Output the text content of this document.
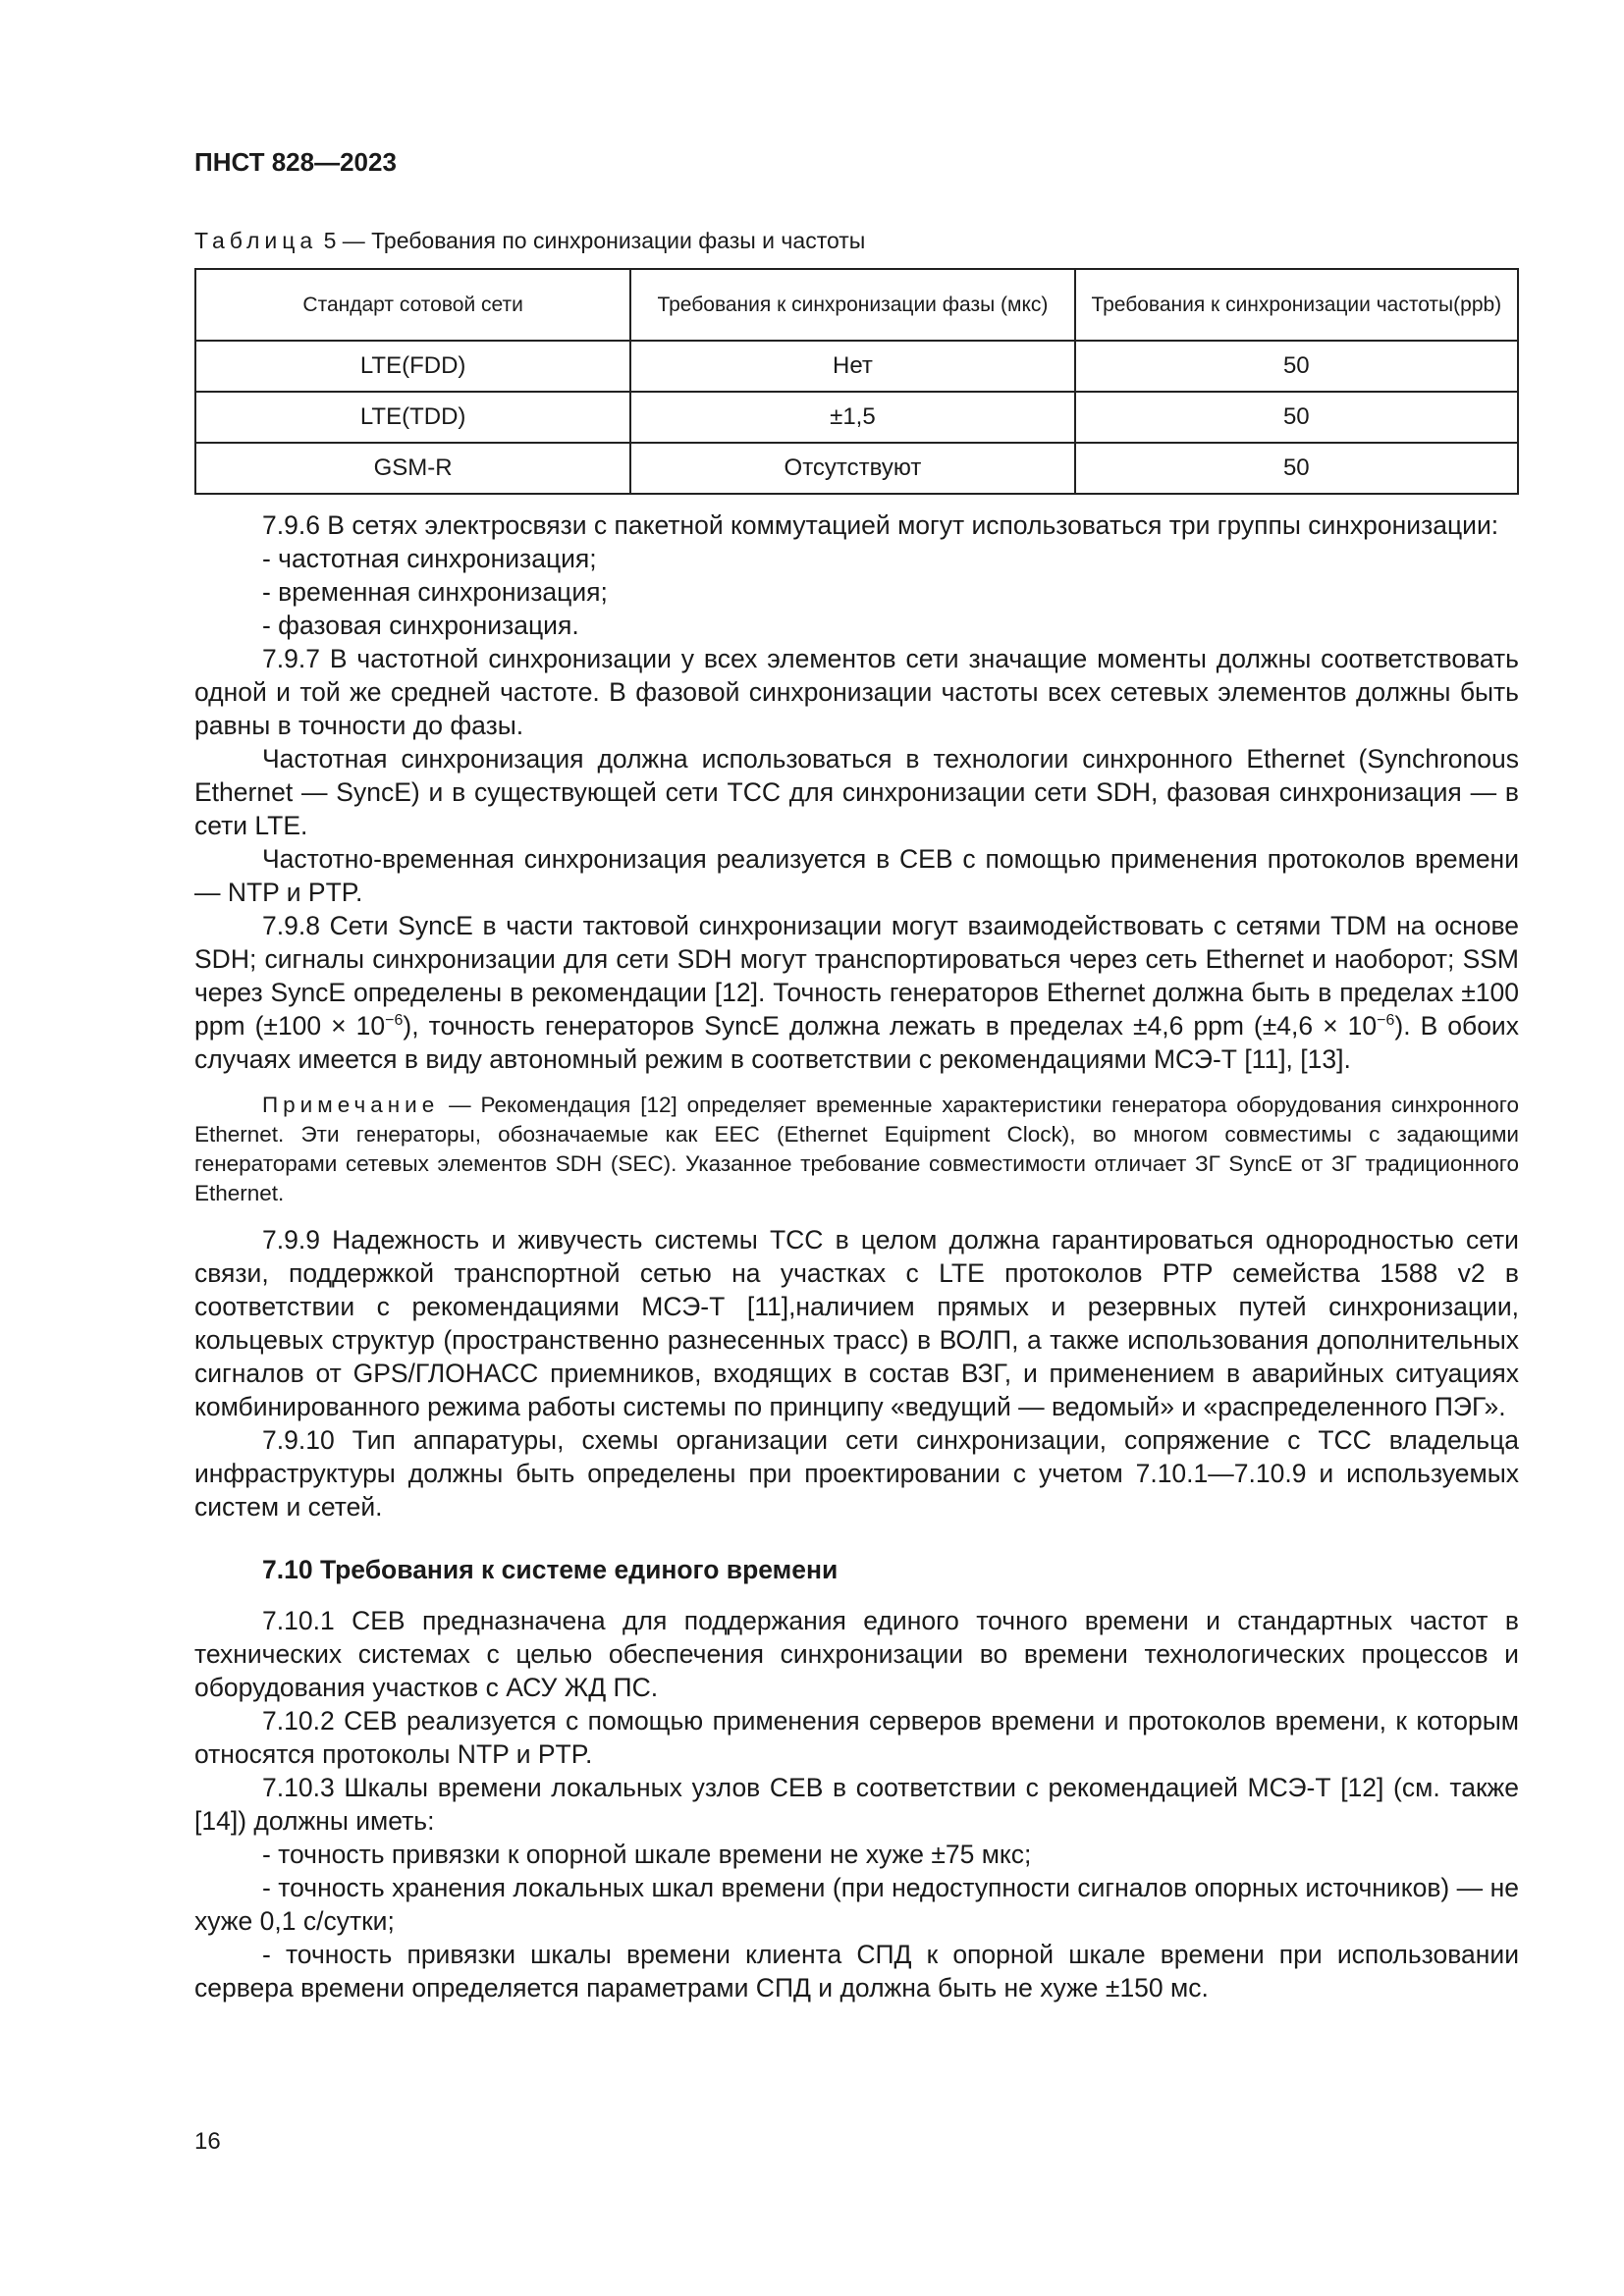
ПНСТ 828—2023
Таблица 5 — Требования по синхронизации фазы и частоты
Стандарт сотовой сети	Требования к синхронизации фазы (мкс)	Требования к синхронизации частоты(ppb)
LTE(FDD)	Нет	50
LTE(TDD)	±1,5	50
GSM-R	Отсутствуют	50

7.9.6 В сетях электросвязи с пакетной коммутацией могут использоваться три группы синхронизации:

- частотная синхронизация;

- временная синхронизация;

- фазовая синхронизация.

7.9.7 В частотной синхронизации у всех элементов сети значащие моменты должны соответствовать одной и той же средней частоте. В фазовой синхронизации частоты всех сетевых элементов должны быть равны в точности до фазы.

Частотная синхронизация должна использоваться в технологии синхронного Ethernet (Synchronous Ethernet — SyncE) и в существующей сети ТСС для синхронизации сети SDH, фазовая синхронизация — в сети LTE.

Частотно-временная синхронизация реализуется в СЕВ с помощью применения протоколов времени — NTP и PTP.

7.9.8 Сети SyncE в части тактовой синхронизации могут взаимодействовать с сетями TDM на основе SDH; сигналы синхронизации для сети SDH могут транспортироваться через сеть Ethernet и наоборот; SSM через SyncE определены в рекомендации [12]. Точность генераторов Ethernet должна быть в пределах ±100 ppm $(\pm 100 \times 10^{-6})$, точность генераторов SyncE должна лежать в пределах ±4,6 ppm $(\pm 4,6 \times 10^{-6})$. В обоих случаях имеется в виду автономный режим в соответствии с рекомендациями МСЭ-Т [11], [13].

Примечание — Рекомендация [12] определяет временные характеристики генератора оборудования синхронного Ethernet. Эти генераторы, обозначаемые как ЕЕС (Ethernet Equipment Clock), во многом совместимы с задающими генераторами сетевых элементов SDH (SEC). Указанное требование совместимости отличает ЗГ SyncE от ЗГ традиционного Ethernet.

7.9.9 Надежность и живучесть системы ТСС в целом должна гарантироваться однородностью сети связи, поддержкой транспортной сетью на участках с LTE протоколов PTP семейства 1588 v2 в соответствии с рекомендациями МСЭ-Т [11],наличием прямых и резервных путей синхронизации, кольцевых структур (пространственно разнесенных трасс) в ВОЛП, а также использования дополнительных сигналов от GPS/ГЛОНАСС приемников, входящих в состав ВЗГ, и применением в аварийных ситуациях комбинированного режима работы системы по принципу «ведущий — ведомый» и «распределенного ПЭГ».

7.9.10 Тип аппаратуры, схемы организации сети синхронизации, сопряжение с ТСС владельца инфраструктуры должны быть определены при проектировании с учетом 7.10.1—7.10.9 и используемых систем и сетей.

7.10 Требования к системе единого времени

7.10.1 СЕВ предназначена для поддержания единого точного времени и стандартных частот в технических системах с целью обеспечения синхронизации во времени технологических процессов и оборудования участков с АСУ ЖД ПС.

7.10.2 СЕВ реализуется с помощью применения серверов времени и протоколов времени, к которым относятся протоколы NTP и PTP.

7.10.3 Шкалы времени локальных узлов СЕВ в соответствии с рекомендацией МСЭ-Т [12] (см. также [14]) должны иметь:

- точность привязки к опорной шкале времени не хуже ±75 мкс;

- точность хранения локальных шкал времени (при недоступности сигналов опорных источников) — не хуже 0,1 с/сутки;

- точность привязки шкалы времени клиента СПД к опорной шкале времени при использовании сервера времени определяется параметрами СПД и должна быть не хуже ±150 мс.

16
